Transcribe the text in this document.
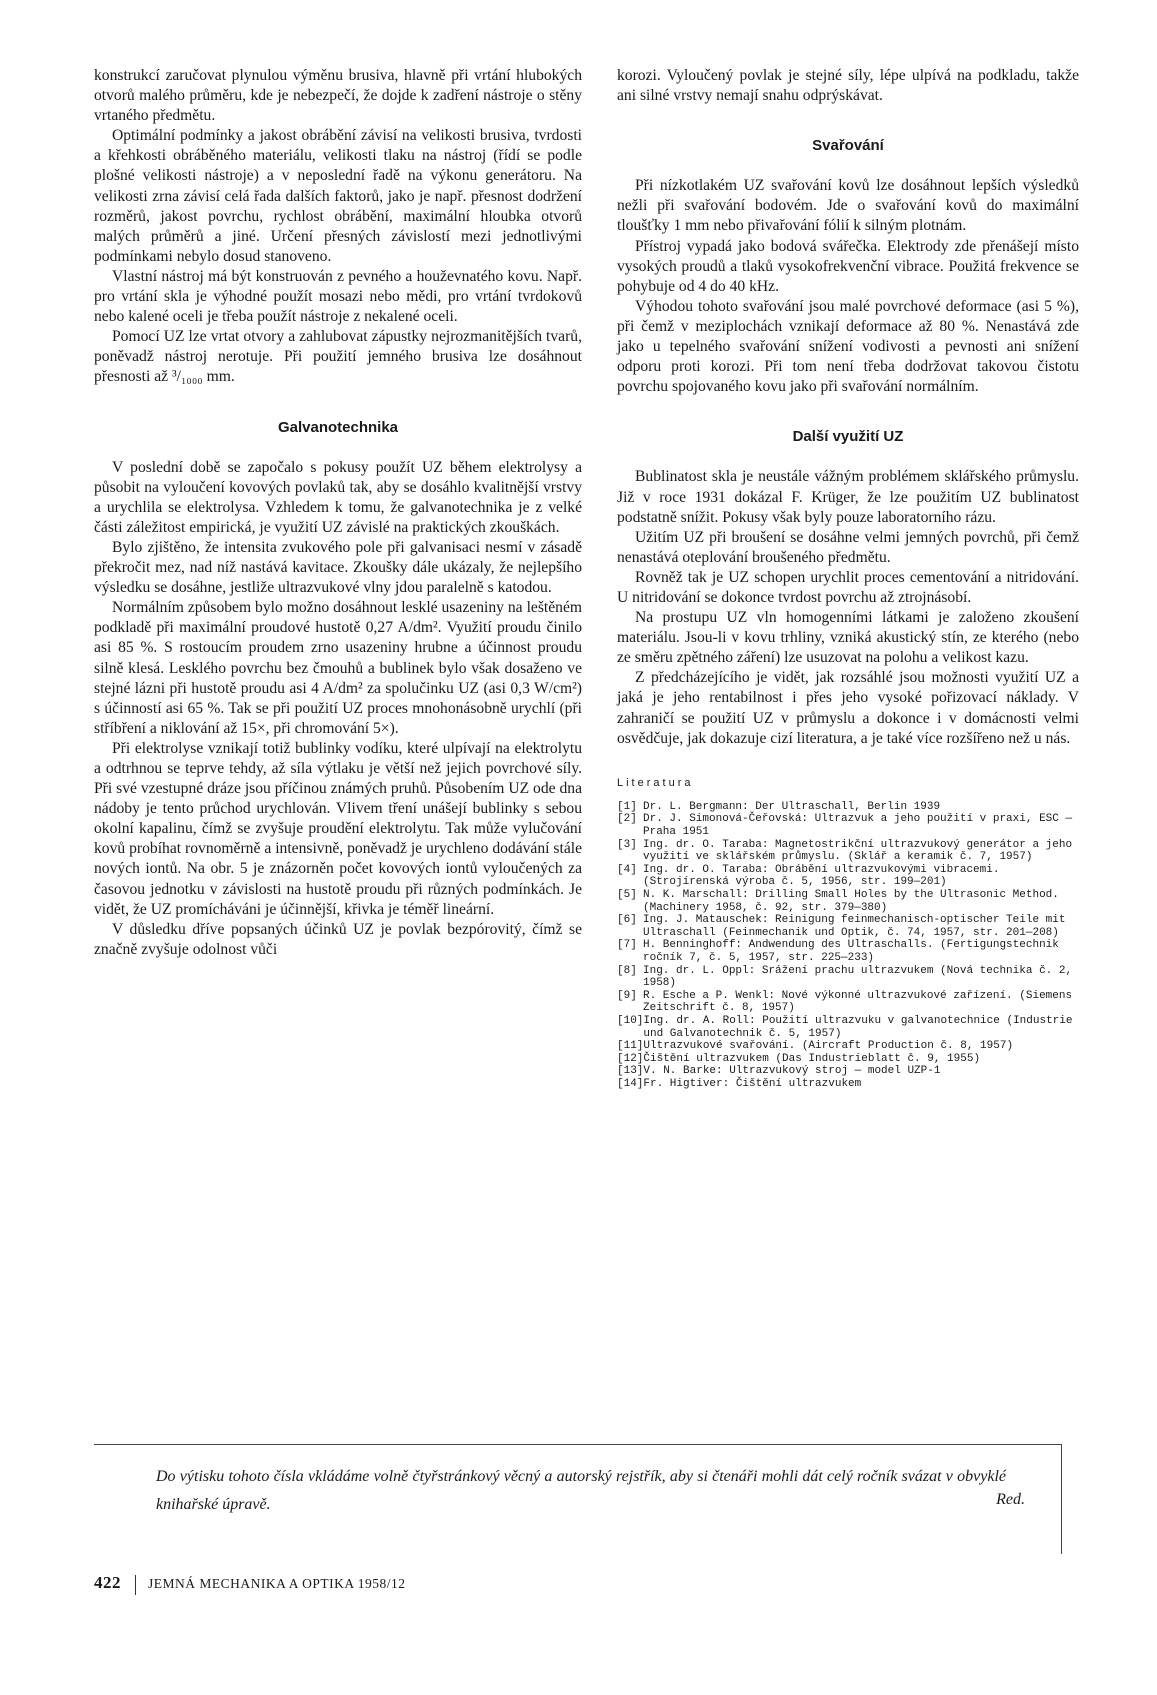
konstrukcí zaručovat plynulou výměnu brusiva, hlavně při vrtání hlubokých otvorů malého průměru, kde je nebezpečí, že dojde k zadření nástroje o stěny vrtaného předmětu.

Optimální podmínky a jakost obrábění závisí na velikosti brusiva, tvrdosti a křehkosti obráběného materiálu, velikosti tlaku na nástroj (řídí se podle plošné velikosti nástroje) a v neposlední řadě na výkonu generátoru. Na velikosti zrna závisí celá řada dalších faktorů, jako je např. přesnost dodržení rozměrů, jakost povrchu, rychlost obrábění, maximální hloubka otvorů malých průměrů a jiné. Určení přesných závislostí mezi jednotlivými podmínkami nebylo dosud stanoveno.

Vlastní nástroj má být konstruován z pevného a houževnatého kovu. Např. pro vrtání skla je výhodné použít mosazi nebo mědi, pro vrtání tvrdokovů nebo kalené oceli je třeba použít nástroje z nekalené oceli.

Pomocí UZ lze vrtat otvory a zahlubovat zápustky nejrozmanitějších tvarů, poněvadž nástroj nerotuje. Při použití jemného brusiva lze dosáhnout přesnosti až ³/₁₀₀₀ mm.

Galvanotechnika

V poslední době se započalo s pokusy použít UZ během elektrolysy a působit na vyloučení kovových povlaků tak, aby se dosáhlo kvalitnější vrstvy a urychlila se elektrolysa. Vzhledem k tomu, že galvanotechnika je z velké části záležitost empirická, je využití UZ závislé na praktických zkouškách.

Bylo zjištěno, že intensita zvukového pole při galvanisaci nesmí v zásadě překročit mez, nad níž nastává kavitace. Zkoušky dále ukázaly, že nejlepšího výsledku se dosáhne, jestliže ultrazvukové vlny jdou paralelně s katodou.

Normálním způsobem bylo možno dosáhnout lesklé usazeniny na leštěném podkladě při maximální proudové hustotě 0,27 A/dm². Využití proudu činilo asi 85 %. S rostoucím proudem zrno usazeniny hrubne a účinnost proudu silně klesá. Lesklého povrchu bez čmouhů a bublinek bylo však dosaženo ve stejné lázni při hustotě proudu asi 4 A/dm² za spolučinku UZ (asi 0,3 W/cm²) s účinností asi 65 %. Tak se při použití UZ proces mnohonásobně urychlí (při stříbření a niklování až 15×, při chromování 5×).

Při elektrolyse vznikají totiž bublinky vodíku, které ulpívají na elektrolytu a odtrhnou se teprve tehdy, až síla výtlaku je větší než jejich povrchové síly. Při své vzestupné dráze jsou příčinou známých pruhů. Působením UZ ode dna nádoby je tento průchod urychlován. Vlivem tření unášejí bublinky s sebou okolní kapalinu, čímž se zvyšuje proudění elektrolytu. Tak může vylučování kovů probíhat rovnoměrně a intensivně, poněvadž je urychleno dodávání stále nových iontů. Na obr. 5 je znázorněn počet kovových iontů vyloučených za časovou jednotku v závislosti na hustotě proudu při různých podmínkách. Je vidět, že UZ promícháváni je účinnější, křivka je téměř lineární.

V důsledku dříve popsaných účinků UZ je povlak bezpórovitý, čímž se značně zvyšuje odolnost vůči

korozi. Vyloučený povlak je stejné síly, lépe ulpívá na podkladu, takže ani silné vrstvy nemají snahu odprýskávat.

Svařování

Při nízkotlakém UZ svařování kovů lze dosáhnout lepších výsledků nežli při svařování bodovém. Jde o svařování kovů do maximální tloušťky 1 mm nebo přivařování fólií k silným plotnám.

Přístroj vypadá jako bodová svářečka. Elektrody zde přenášejí místo vysokých proudů a tlaků vysokofrekvenční vibrace. Použitá frekvence se pohybuje od 4 do 40 kHz.

Výhodou tohoto svařování jsou malé povrchové deformace (asi 5 %), při čemž v meziplochách vznikají deformace až 80 %. Nenastává zde jako u tepelného svařování snížení vodivosti a pevnosti ani snížení odporu proti korozi. Při tom není třeba dodržovat takovou čistotu povrchu spojovaného kovu jako při svařování normálním.

Další využití UZ

Bublinatost skla je neustále vážným problémem sklářského průmyslu. Již v roce 1931 dokázal F. Krüger, že lze použitím UZ bublinatost podstatně snížit. Pokusy však byly pouze laboratorního rázu.

Užitím UZ při broušení se dosáhne velmi jemných povrchů, při čemž nenastává oteplování broušeného předmětu.

Rovněž tak je UZ schopen urychlit proces cementování a nitridování. U nitridování se dokonce tvrdost povrchu až ztrojnásobí.

Na prostupu UZ vln homogenními látkami je založeno zkoušení materiálu. Jsou-li v kovu trhliny, vzniká akustický stín, ze kterého (nebo ze směru zpětného záření) lze usuzovat na polohu a velikost kazu.

Z předcházejícího je vidět, jak rozsáhlé jsou možnosti využití UZ a jaká je jeho rentabilnost i přes jeho vysoké pořizovací náklady. V zahraničí se použití UZ v průmyslu a dokonce i v domácnosti velmi osvědčuje, jak dokazuje cizí literatura, a je také více rozšířeno než u nás.

Literatura
[1] Dr. L. Bergmann: Der Ultraschall, Berlin 1939
[2] Dr. J. Simonová-Čeřovská: Ultrazvuk a jeho použití v praxi, ESC — Praha 1951
[3] Ing. dr. O. Taraba: Magnetostrikční ultrazvukový generátor a jeho využití ve sklářském průmyslu. (Sklář a keramik č. 7, 1957)
[4] Ing. dr. O. Taraba: Obrábění ultrazvukovými vibracemi. (Strojírenská výroba č. 5, 1956, str. 199—201)
[5] N. K. Marschall: Drilling Small Holes by the Ultrasonic Method. (Machinery 1958, č. 92, str. 379—380)
[6] Ing. J. Matauschek: Reinigung feinmechanisch-optischer Teile mit Ultraschall (Feinmechanik und Optik, č. 74, 1957, str. 201—208)
[7] H. Benninghoff: Andwendung des Ultraschalls. (Fertigungstechnik ročník 7, č. 5, 1957, str. 225—233)
[8] Ing. dr. L. Oppl: Srážení prachu ultrazvukem (Nová technika č. 2, 1958)
[9] R. Esche a P. Wenkl: Nové výkonné ultrazvukové zařízení. (Siemens Zeitschrift č. 8, 1957)
[10] Ing. dr. A. Roll: Použití ultrazvuku v galvanotechnice (Industrie und Galvanotechnik č. 5, 1957)
[11] Ultrazvukové svařování. (Aircraft Production č. 8, 1957)
[12] Čištění ultrazvukem (Das Industrieblatt č. 9, 1955)
[13] V. N. Barke: Ultrazvukový stroj — model UZP-1
[14] Fr. Higtiver: Čištění ultrazvukem

Do výtisku tohoto čísla vkládáme volně čtyřstránkový věcný a autorský rejstřík, aby si čtenáři mohli dát celý ročník svázat v obvyklé knihařské úpravě.	Red.
422 JEMNÁ MECHANIKA A OPTIKA 1958/12
